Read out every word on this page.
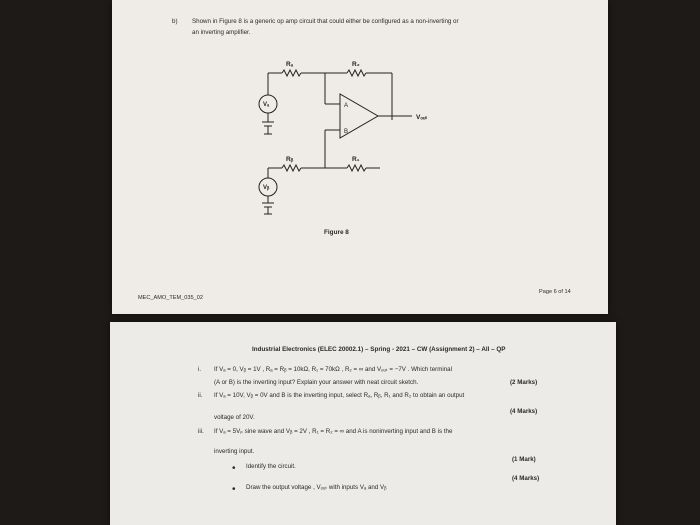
b) Shown in Figure 8 is a generic op amp circuit that could either be configured as a non-inverting or
an inverting amplifier.
Rₐ	R₂
Rᵦ	R₁
Vₐ
Vᵦ
Vₒᵤₜ
A
B
Figure 8
MEC_AMO_TEM_035_02
Page 6 of 14
Industrial Electronics (ELEC 20002.1) – Spring - 2021 – CW (Assignment 2) – All – QP
i. If Vₐ = 0, Vᵦ = 1V , Rₐ = Rᵦ = 10kΩ, R₁ = 70kΩ , R₂ = ∞ and Vₒᵤₜ = −7V . Which terminal
(A or B) is the inverting input? Explain your answer with neat circuit sketch.	(2 Marks)
ii. If Vₐ = 10V, Vᵦ = 0V and B is the inverting input, select Rₐ, Rᵦ, R₁ and R₂ to obtain an output
voltage of 20V.
(4 Marks)
iii. If Vₐ = 5Vₚ sine wave and Vᵦ = 2V , R₁ = R₂ = ∞ and A is noninverting input and B is the
inverting input.
• Identify the circuit.
(1 Mark)
• Draw the output voltage , Vₒᵤₜ with inputs Vₐ and Vᵦ
(4 Marks)
